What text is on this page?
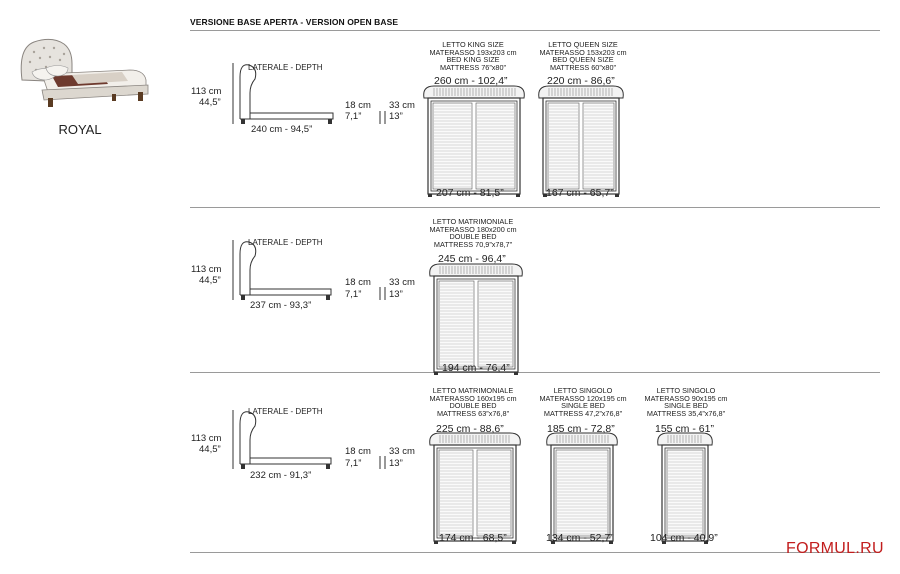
VERSIONE BASE APERTA - VERSION OPEN BASE
ROYAL
LATERALE - DEPTH
113 cm
44,5”
240 cm - 94,5”
18 cm
7,1”
33 cm
13”
LETTO KING SIZE
MATERASSO 193x203 cm
BED KING SIZE
MATTRESS 76”x80”
260 cm - 102,4”
207 cm - 81,5”
LETTO QUEEN SIZE
MATERASSO 153x203 cm
BED QUEEN SIZE
MATTRESS 60”x80”
220 cm - 86,6”
167 cm - 65,7”
LATERALE - DEPTH
113 cm
44,5”
237 cm - 93,3”
18 cm
7,1”
33 cm
13”
LETTO MATRIMONIALE
MATERASSO 180x200 cm
DOUBLE BED
MATTRESS 70,9”x78,7”
245 cm - 96,4”
194 cm - 76,4”
LATERALE - DEPTH
113 cm
44,5”
232 cm - 91,3”
18 cm
7,1”
33 cm
13”
LETTO MATRIMONIALE
MATERASSO 160x195 cm
DOUBLE BED
MATTRESS 63”x76,8”
225 cm - 88,6”
174 cm - 68,5”
LETTO SINGOLO
MATERASSO 120x195 cm
SINGLE BED
MATTRESS 47,2”x76,8”
185 cm - 72,8”
134 cm - 52,7”
LETTO SINGOLO
MATERASSO 90x195 cm
SINGLE BED
MATTRESS 35,4”x76,8”
155 cm - 61”
104 cm - 40,9”
FORMUL.RU
